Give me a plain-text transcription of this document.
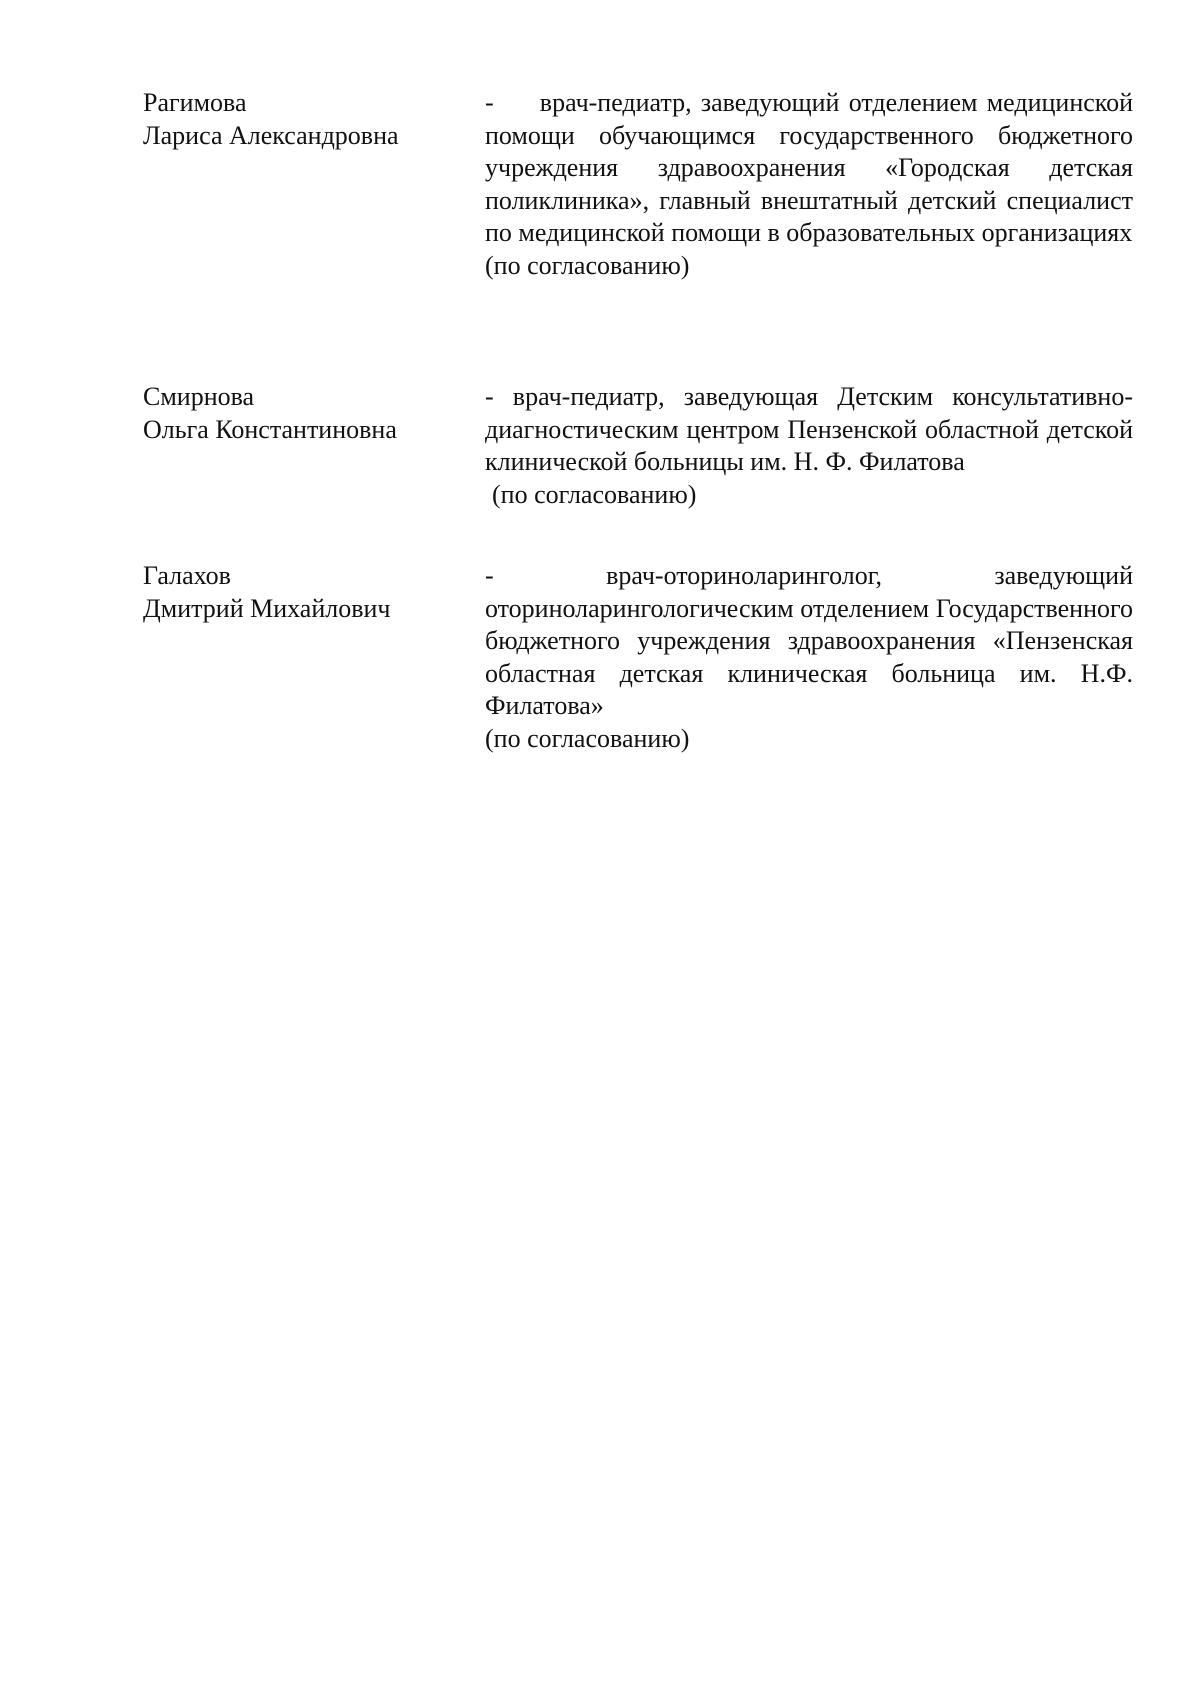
Рагимова
Лариса Александровна
-     врач-педиатр, заведующий отделением медицинской помощи обучающимся государственного бюджетного учреждения здравоохранения «Городская детская поликлиника», главный внештатный детский специалист по медицинской помощи в образовательных организациях
(по согласованию)
Смирнова
Ольга Константиновна
- врач-педиатр, заведующая Детским консультативно-диагностическим центром Пензенской областной детской клинической больницы им. Н. Ф. Филатова
(по согласованию)
Галахов
Дмитрий Михайлович
- врач-оториноларинголог, заведующий оториноларингологическим отделением Государственного бюджетного учреждения здравоохранения «Пензенская областная детская клиническая больница им. Н.Ф. Филатова»
(по согласованию)
